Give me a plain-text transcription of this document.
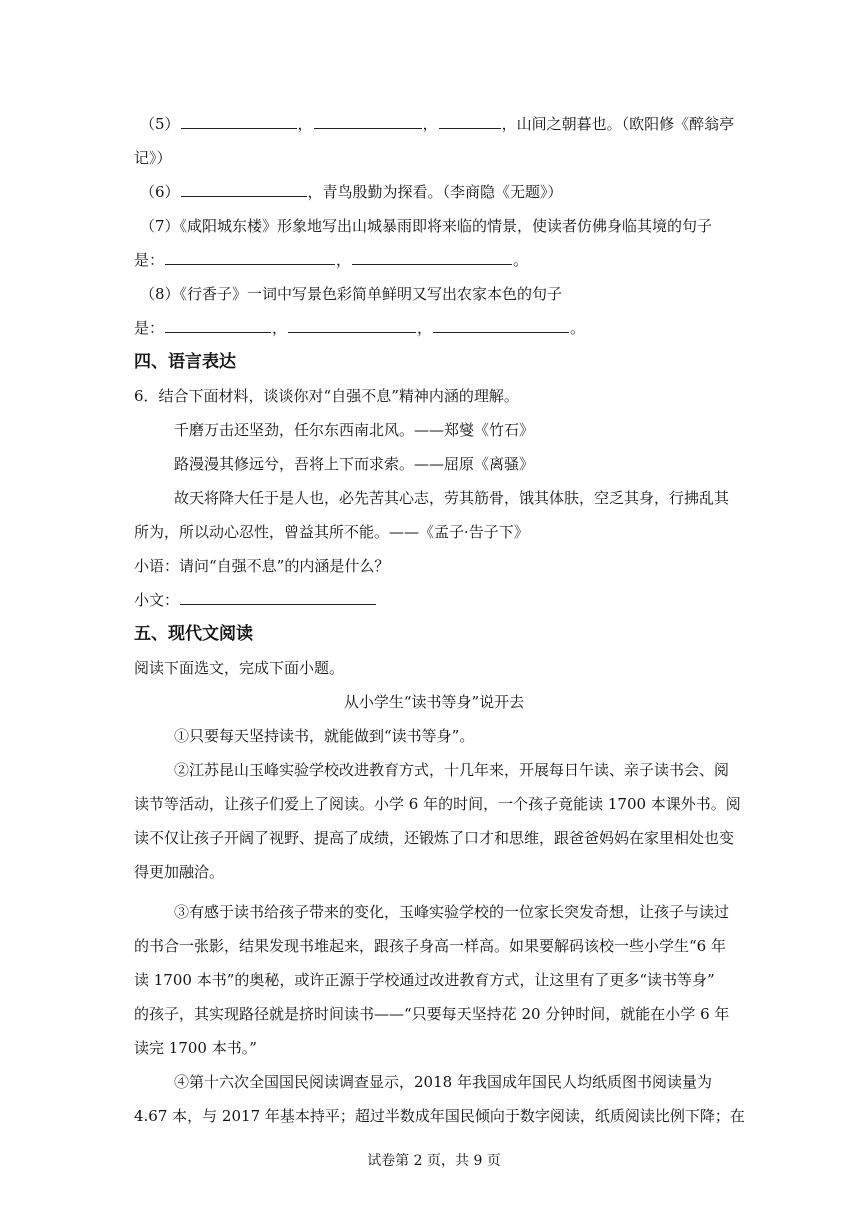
（5）	，	，	，山间之朝暮也。（欧阳修《醉翁亭
记》）
（6）	，青鸟殷勤为探看。（李商隐《无题》）
（7）《咸阳城东楼》形象地写出山城暴雨即将来临的情景，使读者仿佛身临其境的句子
是：	，	。
（8）《行香子》一词中写景色彩简单鲜明又写出农家本色的句子
是：	，	，	。
四、语言表达
6．结合下面材料，谈谈你对“自强不息”精神内涵的理解。
千磨万击还坚劲，任尔东西南北风。——郑燮《竹石》
路漫漫其修远兮，吾将上下而求索。——屈原《离骚》
故天将降大任于是人也，必先苦其心志，劳其筋骨，饿其体肤，空乏其身，行拂乱其
所为，所以动心忍性，曾益其所不能。——《孟子·告子下》
小语：请问“自强不息”的内涵是什么？
小文：
五、现代文阅读
阅读下面选文，完成下面小题。
从小学生“读书等身”说开去
①只要每天坚持读书，就能做到“读书等身”。
②江苏昆山玉峰实验学校改进教育方式，十几年来，开展每日午读、亲子读书会、阅
读节等活动，让孩子们爱上了阅读。小学 6 年的时间，一个孩子竟能读 1700 本课外书。阅
读不仅让孩子开阔了视野、提高了成绩，还锻炼了口才和思维，跟爸爸妈妈在家里相处也变
得更加融洽。
③有感于读书给孩子带来的变化，玉峰实验学校的一位家长突发奇想，让孩子与读过
的书合一张影，结果发现书堆起来，跟孩子身高一样高。如果要解码该校一些小学生“6 年
读 1700 本书”的奥秘，或许正源于学校通过改进教育方式，让这里有了更多“读书等身”
的孩子，其实现路径就是挤时间读书——“只要每天坚持花 20 分钟时间，就能在小学 6 年
读完 1700 本书。”
④第十六次全国国民阅读调查显示，2018 年我国成年国民人均纸质图书阅读量为
4.67 本，与 2017 年基本持平；超过半数成年国民倾向于数字阅读，纸质阅读比例下降；在
试卷第 2 页，共 9 页
